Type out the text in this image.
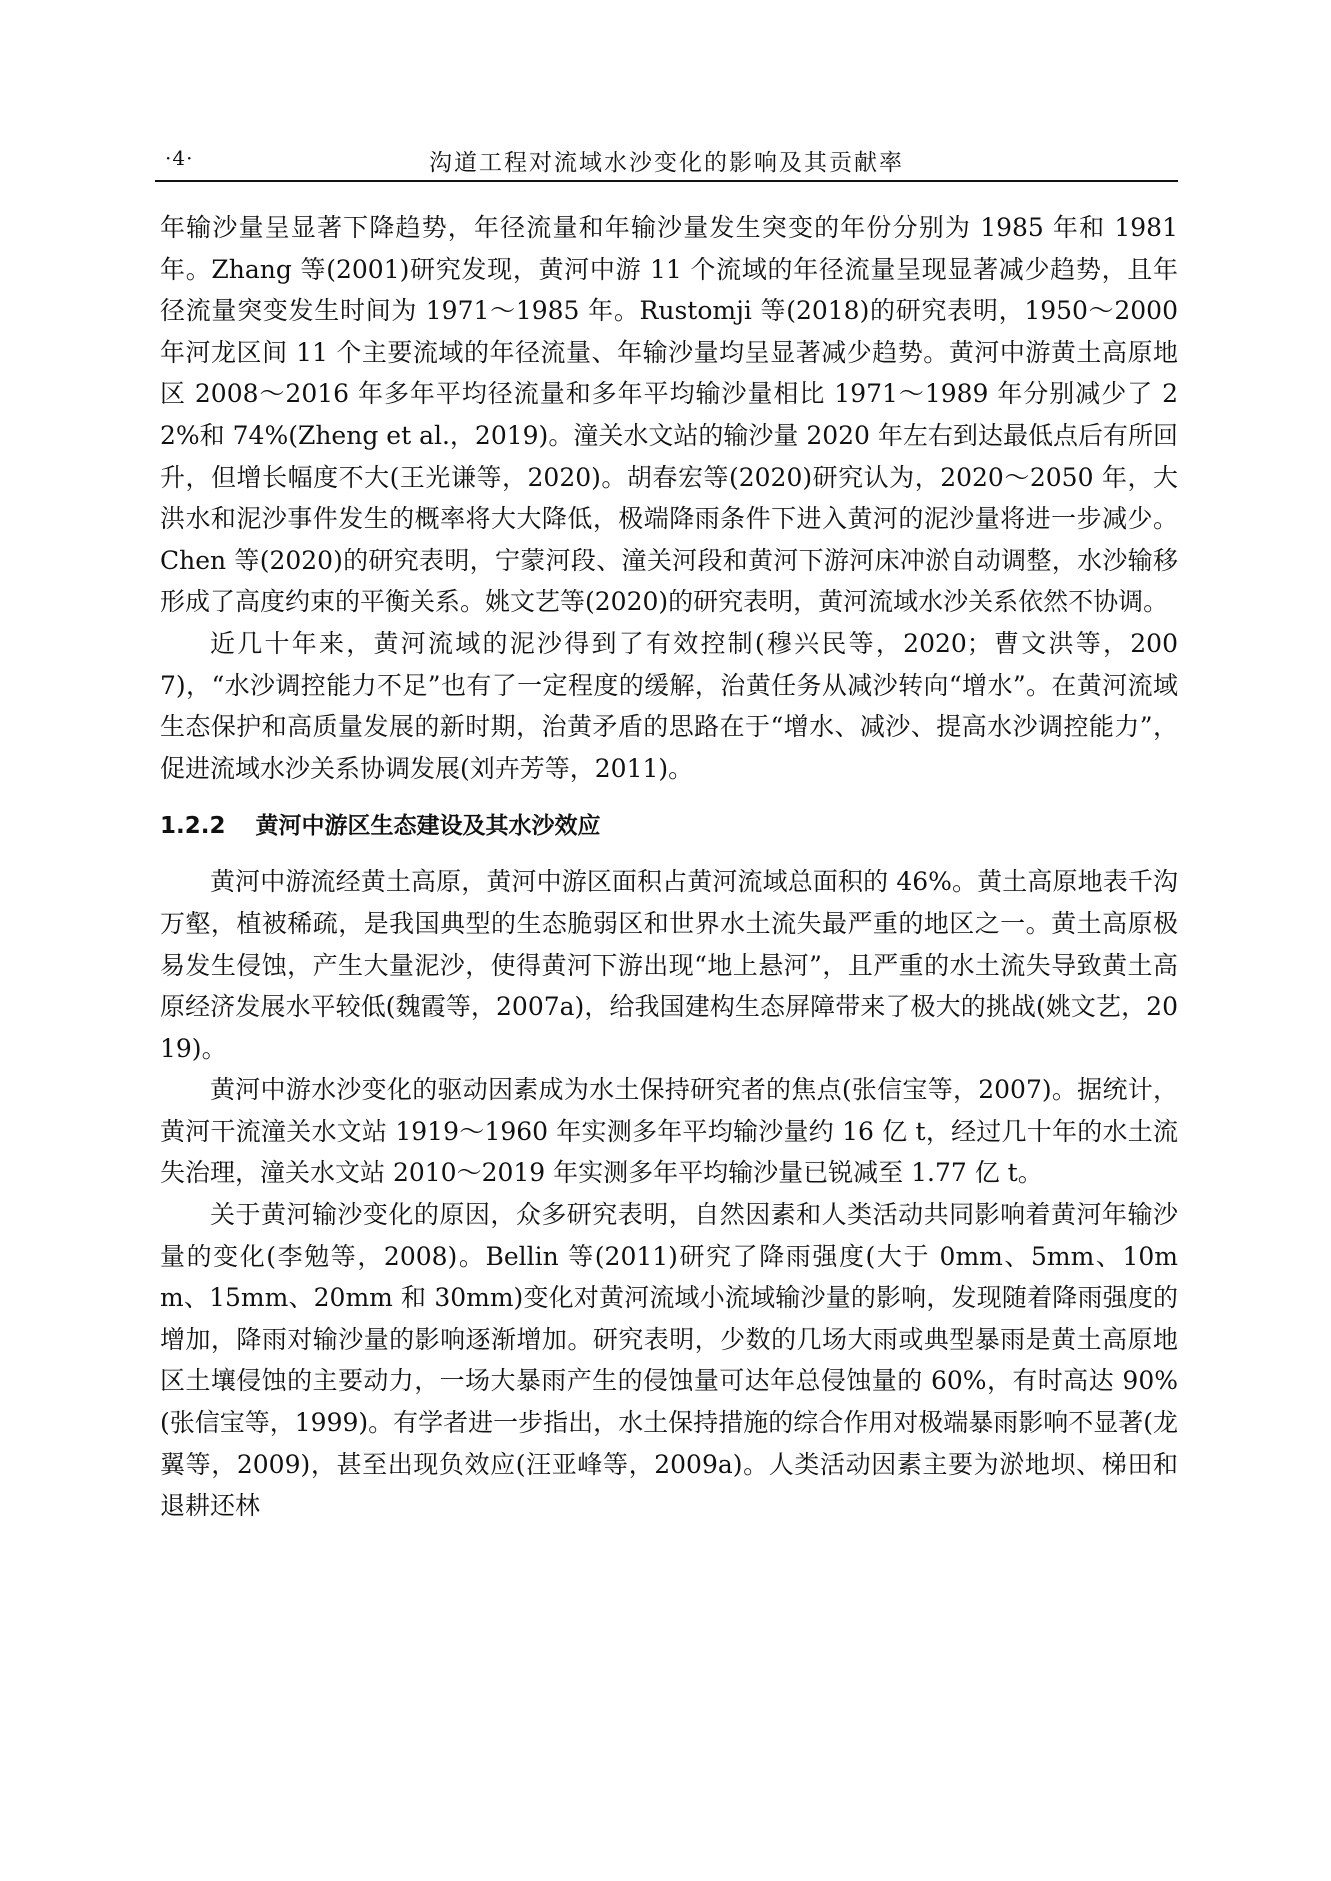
·4·	沟道工程对流域水沙变化的影响及其贡献率

年输沙量呈显著下降趋势，年径流量和年输沙量发生突变的年份分别为 1985 年和 1981 年。Zhang 等(2001)研究发现，黄河中游 11 个流域的年径流量呈现显著减少趋势，且年径流量突变发生时间为 1971～1985 年。Rustomji 等(2018)的研究表明，1950～2000 年河龙区间 11 个主要流域的年径流量、年输沙量均呈显著减少趋势。黄河中游黄土高原地区 2008～2016 年多年平均径流量和多年平均输沙量相比 1971～1989 年分别减少了 22%和 74%(Zheng et al.，2019)。潼关水文站的输沙量 2020 年左右到达最低点后有所回升，但增长幅度不大(王光谦等，2020)。胡春宏等(2020)研究认为，2020～2050 年，大洪水和泥沙事件发生的概率将大大降低，极端降雨条件下进入黄河的泥沙量将进一步减少。Chen 等(2020)的研究表明，宁蒙河段、潼关河段和黄河下游河床冲淤自动调整，水沙输移形成了高度约束的平衡关系。姚文艺等(2020)的研究表明，黄河流域水沙关系依然不协调。

近几十年来，黄河流域的泥沙得到了有效控制(穆兴民等，2020；曹文洪等，2007)，“水沙调控能力不足”也有了一定程度的缓解，治黄任务从减沙转向“增水”。在黄河流域生态保护和高质量发展的新时期，治黄矛盾的思路在于“增水、减沙、提高水沙调控能力”，促进流域水沙关系协调发展(刘卉芳等，2011)。

1.2.2 黄河中游区生态建设及其水沙效应

黄河中游流经黄土高原，黄河中游区面积占黄河流域总面积的 46%。黄土高原地表千沟万壑，植被稀疏，是我国典型的生态脆弱区和世界水土流失最严重的地区之一。黄土高原极易发生侵蚀，产生大量泥沙，使得黄河下游出现“地上悬河”，且严重的水土流失导致黄土高原经济发展水平较低(魏霞等，2007a)，给我国建构生态屏障带来了极大的挑战(姚文艺，2019)。

黄河中游水沙变化的驱动因素成为水土保持研究者的焦点(张信宝等，2007)。据统计，黄河干流潼关水文站 1919～1960 年实测多年平均输沙量约 16 亿 t，经过几十年的水土流失治理，潼关水文站 2010～2019 年实测多年平均输沙量已锐减至 1.77 亿 t。

关于黄河输沙变化的原因，众多研究表明，自然因素和人类活动共同影响着黄河年输沙量的变化(李勉等，2008)。Bellin 等(2011)研究了降雨强度(大于 0mm、5mm、10mm、15mm、20mm 和 30mm)变化对黄河流域小流域输沙量的影响，发现随着降雨强度的增加，降雨对输沙量的影响逐渐增加。研究表明，少数的几场大雨或典型暴雨是黄土高原地区土壤侵蚀的主要动力，一场大暴雨产生的侵蚀量可达年总侵蚀量的 60%，有时高达 90%(张信宝等，1999)。有学者进一步指出，水土保持措施的综合作用对极端暴雨影响不显著(龙翼等，2009)，甚至出现负效应(汪亚峰等，2009a)。人类活动因素主要为淤地坝、梯田和退耕还林
